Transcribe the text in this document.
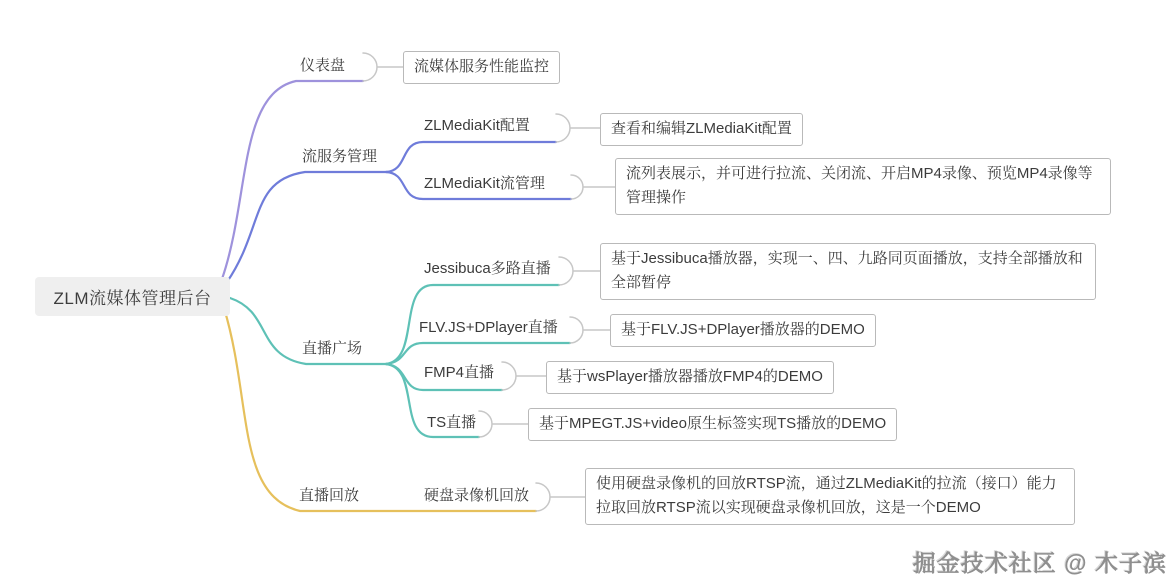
ZLM流媒体管理后台
仪表盘	流媒体服务性能监控
流服务管理
ZLMediaKit配置	查看和编辑ZLMediaKit配置
ZLMediaKit流管理
流列表展示，并可进行拉流、关闭流、开启MP4录像、预览MP4录像等管理操作
直播广场
Jessibuca多路直播
基于Jessibuca播放器，实现一、四、九路同页面播放，支持全部播放和全部暂停
FLV.JS+DPlayer直播	基于FLV.JS+DPlayer播放器的DEMO
FMP4直播	基于wsPlayer播放器播放FMP4的DEMO
TS直播	基于MPEGT.JS+video原生标签实现TS播放的DEMO
直播回放	硬盘录像机回放
使用硬盘录像机的回放RTSP流，通过ZLMediaKit的拉流（接口）能力拉取回放RTSP流以实现硬盘录像机回放，这是一个DEMO
掘金技术社区 @ 木子滨
